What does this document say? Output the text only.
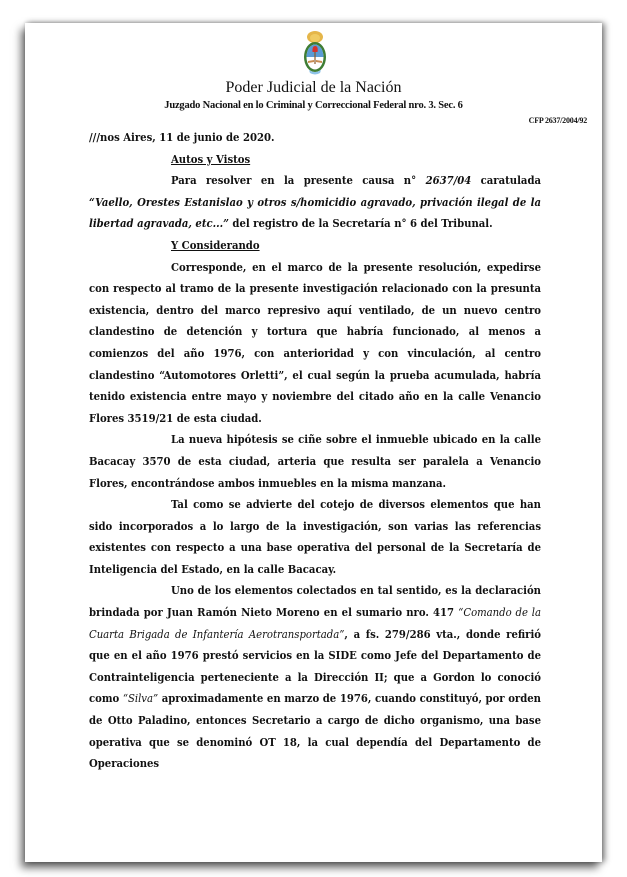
Poder Judicial de la Nación
Juzgado Nacional en lo Criminal y Correccional Federal nro. 3. Sec. 6
CFP 2637/2004/92

///nos Aires, 11 de junio de 2020.

Autos y Vistos

Para resolver en la presente causa n° 2637/04 caratulada “Vaello, Orestes Estanislao y otros s/homicidio agravado, privación ilegal de la libertad agravada, etc...” del registro de la Secretaría n° 6 del Tribunal.

Y Considerando

Corresponde, en el marco de la presente resolución, expedirse con respecto al tramo de la presente investigación relacionado con la presunta existencia, dentro del marco represivo aquí ventilado, de un nuevo centro clandestino de detención y tortura que habría funcionado, al menos a comienzos del año 1976, con anterioridad y con vinculación, al centro clandestino “Automotores Orletti”, el cual según la prueba acumulada, habría tenido existencia entre mayo y noviembre del citado año en la calle Venancio Flores 3519/21 de esta ciudad.

La nueva hipótesis se ciñe sobre el inmueble ubicado en la calle Bacacay 3570 de esta ciudad, arteria que resulta ser paralela a Venancio Flores, encontrándose ambos inmuebles en la misma manzana.

Tal como se advierte del cotejo de diversos elementos que han sido incorporados a lo largo de la investigación, son varias las referencias existentes con respecto a una base operativa del personal de la Secretaría de Inteligencia del Estado, en la calle Bacacay.

Uno de los elementos colectados en tal sentido, es la declaración brindada por Juan Ramón Nieto Moreno en el sumario nro. 417 “Comando de la Cuarta Brigada de Infantería Aerotransportada”, a fs. 279/286 vta., donde refirió que en el año 1976 prestó servicios en la SIDE como Jefe del Departamento de Contrainteligencia perteneciente a la Dirección II; que a Gordon lo conoció como “Silva” aproximadamente en marzo de 1976, cuando constituyó, por orden de Otto Paladino, entonces Secretario a cargo de dicho organismo, una base operativa que se denominó OT 18, la cual dependía del Departamento de Operaciones
